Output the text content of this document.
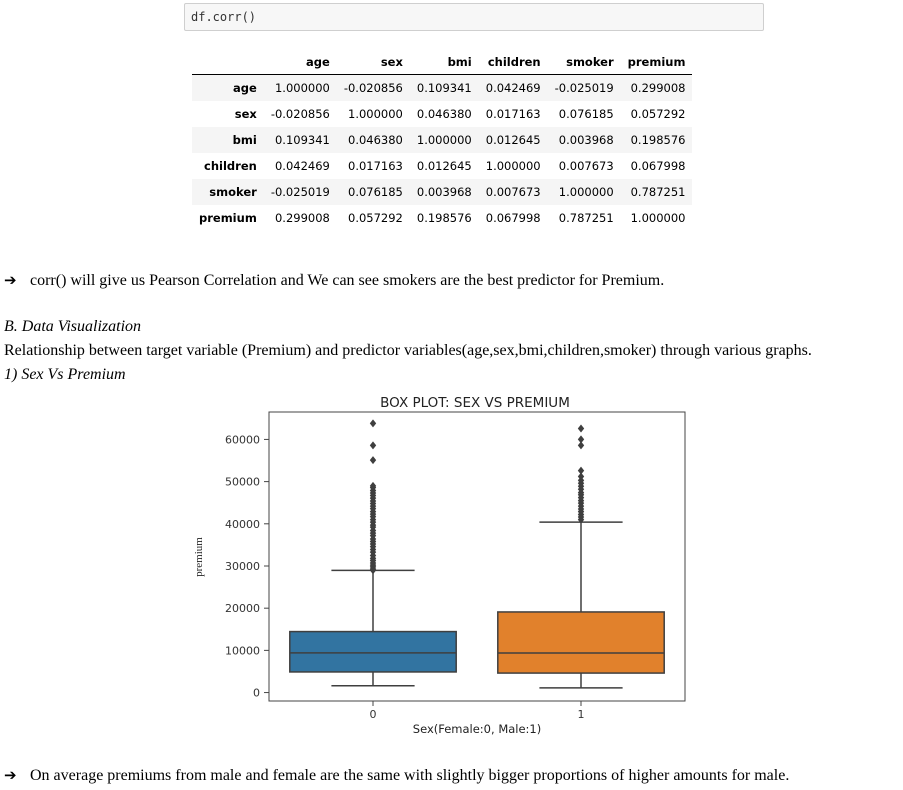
df.corr()
	age	sex	bmi	children	smoker	premium
age	1.000000	-0.020856	0.109341	0.042469	-0.025019	0.299008
sex	-0.020856	1.000000	0.046380	0.017163	0.076185	0.057292
bmi	0.109341	0.046380	1.000000	0.012645	0.003968	0.198576
children	0.042469	0.017163	0.012645	1.000000	0.007673	0.067998
smoker	-0.025019	0.076185	0.003968	0.007673	1.000000	0.787251
premium	0.299008	0.057292	0.198576	0.067998	0.787251	1.000000
➔ corr() will give us Pearson Correlation and We can see smokers are the best predictor for Premium.
B. Data Visualization
Relationship between target variable (Premium) and predictor variables(age,sex,bmi,children,smoker) through various graphs.
1) Sex Vs Premium
BOX PLOT: SEX VS PREMIUM
premium
Sex(Female:0, Male:1)
0
10000
20000
30000
40000
50000
60000
0	1
➔ On average premiums from male and female are the same with slightly bigger proportions of higher amounts for male.
